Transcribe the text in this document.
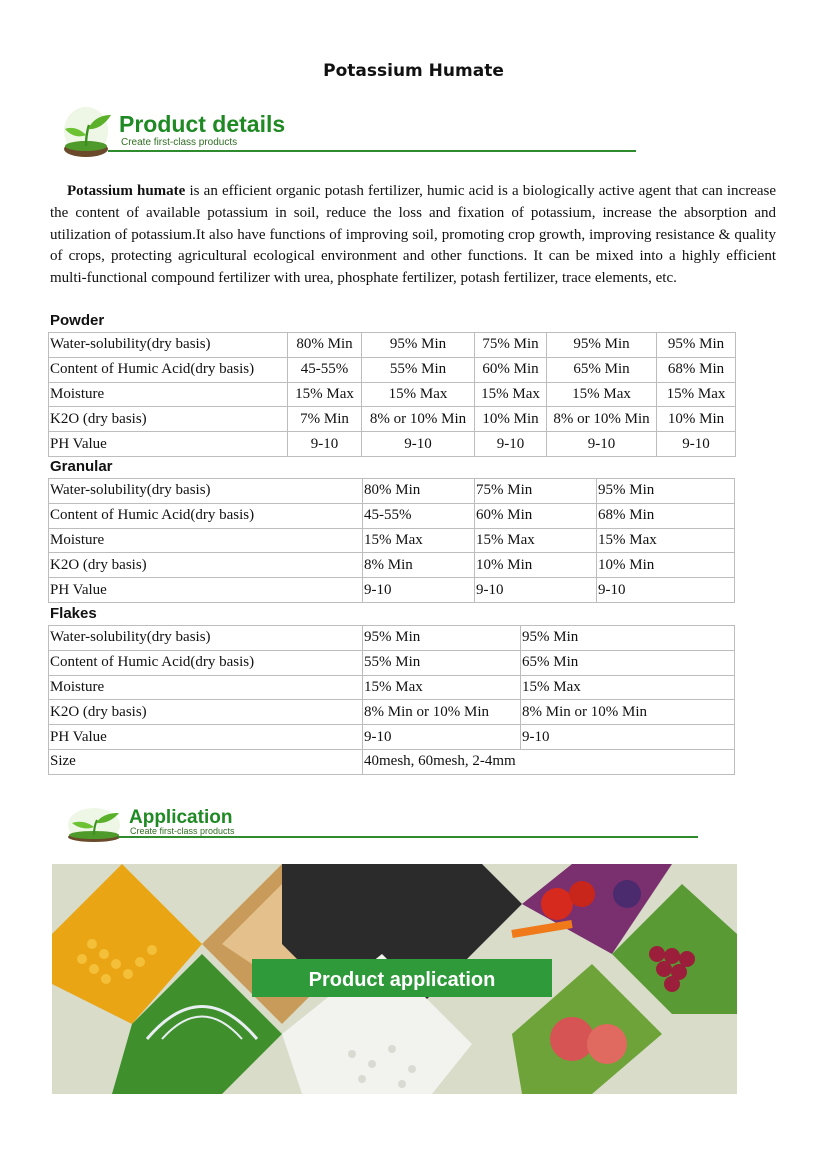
Potassium Humate
Product details
Create first-class products

Potassium humate is an efficient organic potash fertilizer, humic acid is a biologically active agent that can increase the content of available potassium in soil, reduce the loss and fixation of potassium, increase the absorption and utilization of potassium.It also have functions of improving soil, promoting crop growth, improving resistance & quality of crops, protecting agricultural ecological environment and other functions. It can be mixed into a highly efficient multi-functional compound fertilizer with urea, phosphate fertilizer, potash fertilizer, trace elements, etc.

Powder
Water-solubility(dry basis)	80% Min	95% Min	75% Min	95% Min	95% Min
Content of Humic Acid(dry basis)	45-55%	55% Min	60% Min	65% Min	68% Min
Moisture	15% Max	15% Max	15% Max	15% Max	15% Max
K2O (dry basis)	7% Min	8% or 10% Min	10% Min	8% or 10% Min	10% Min
PH Value	9-10	9-10	9-10	9-10	9-10
Granular
Water-solubility(dry basis)	80% Min	75% Min	95% Min
Content of Humic Acid(dry basis)	45-55%	60% Min	68% Min
Moisture	15% Max	15% Max	15% Max
K2O (dry basis)	8% Min	10% Min	10% Min
PH Value	9-10	9-10	9-10
Flakes
Water-solubility(dry basis)	95% Min	95% Min
Content of Humic Acid(dry basis)	55% Min	65% Min
Moisture	15% Max	15% Max
K2O (dry basis)	8% Min or 10% Min	8% Min or 10% Min
PH Value	9-10	9-10
Size	40mesh, 60mesh, 2-4mm	
Application
Create first-class products
Product application
